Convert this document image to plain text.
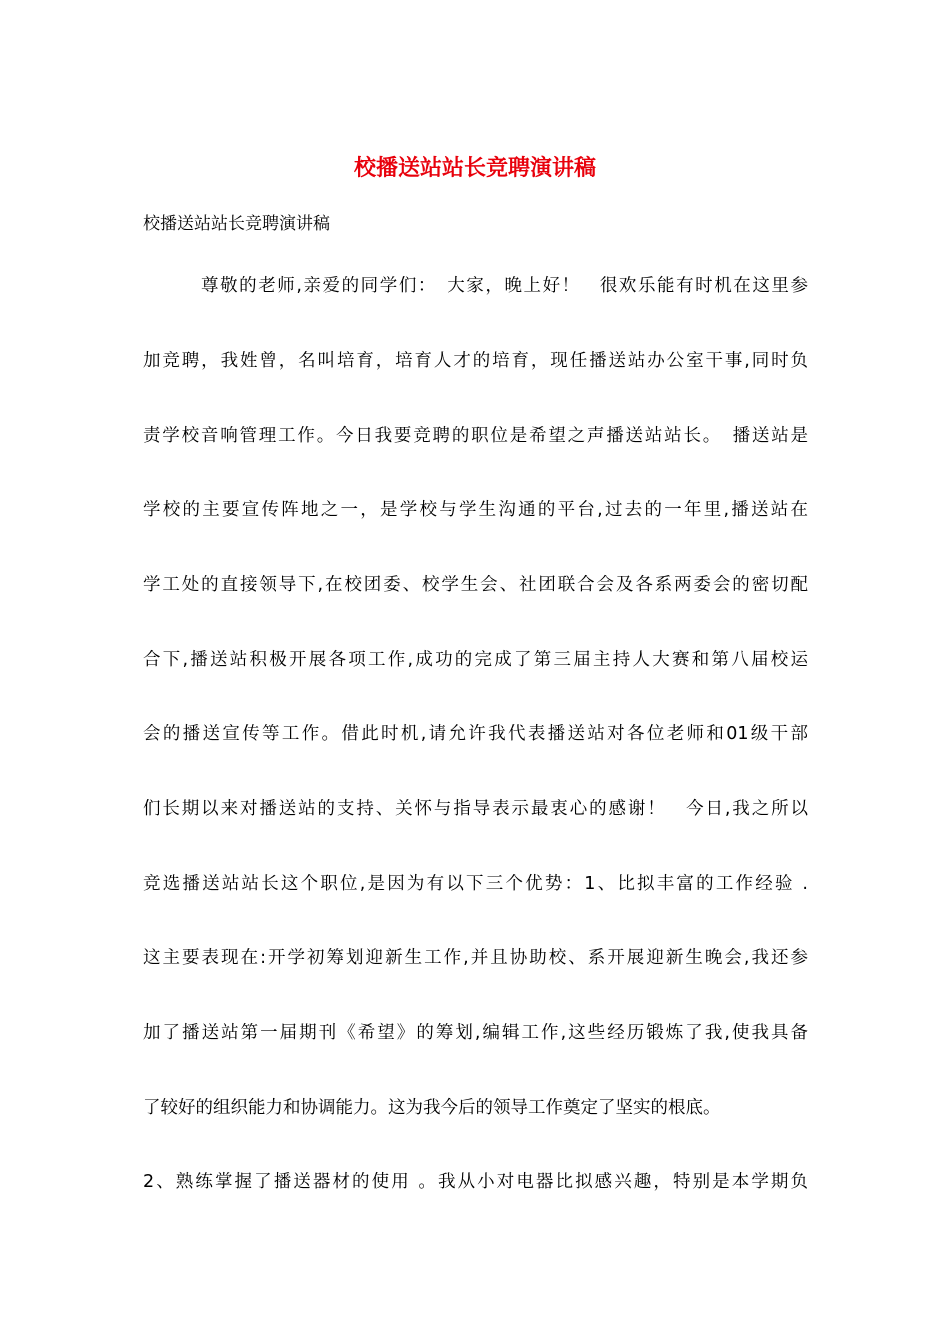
校播送站站长竞聘演讲稿
校播送站站长竞聘演讲稿
尊敬的老师,亲爱的同学们：　大家，晚上好！　很欢乐能有时机在这里参
加竞聘，我姓曾，名叫培育，培育人才的培育，现任播送站办公室干事,同时负
责学校音响管理工作。今日我要竞聘的职位是希望之声播送站站长。　播送站是
学校的主要宣传阵地之一，是学校与学生沟通的平台,过去的一年里,播送站在
学工处的直接领导下,在校团委、校学生会、社团联合会及各系两委会的密切配
合下,播送站积极开展各项工作,成功的完成了第三届主持人大赛和第八届校运
会的播送宣传等工作。借此时机,请允许我代表播送站对各位老师和01级干部
们长期以来对播送站的支持、关怀与指导表示最衷心的感谢！　今日,我之所以
竞选播送站站长这个职位,是因为有以下三个优势：1、比拟丰富的工作经验 .
这主要表现在:开学初筹划迎新生工作,并且协助校、系开展迎新生晚会,我还参
加了播送站第一届期刊《希望》的筹划,编辑工作,这些经历锻炼了我,使我具备
了较好的组织能力和协调能力。这为我今后的领导工作奠定了坚实的根底。
2、熟练掌握了播送器材的使用 。我从小对电器比拟感兴趣，特别是本学期负
